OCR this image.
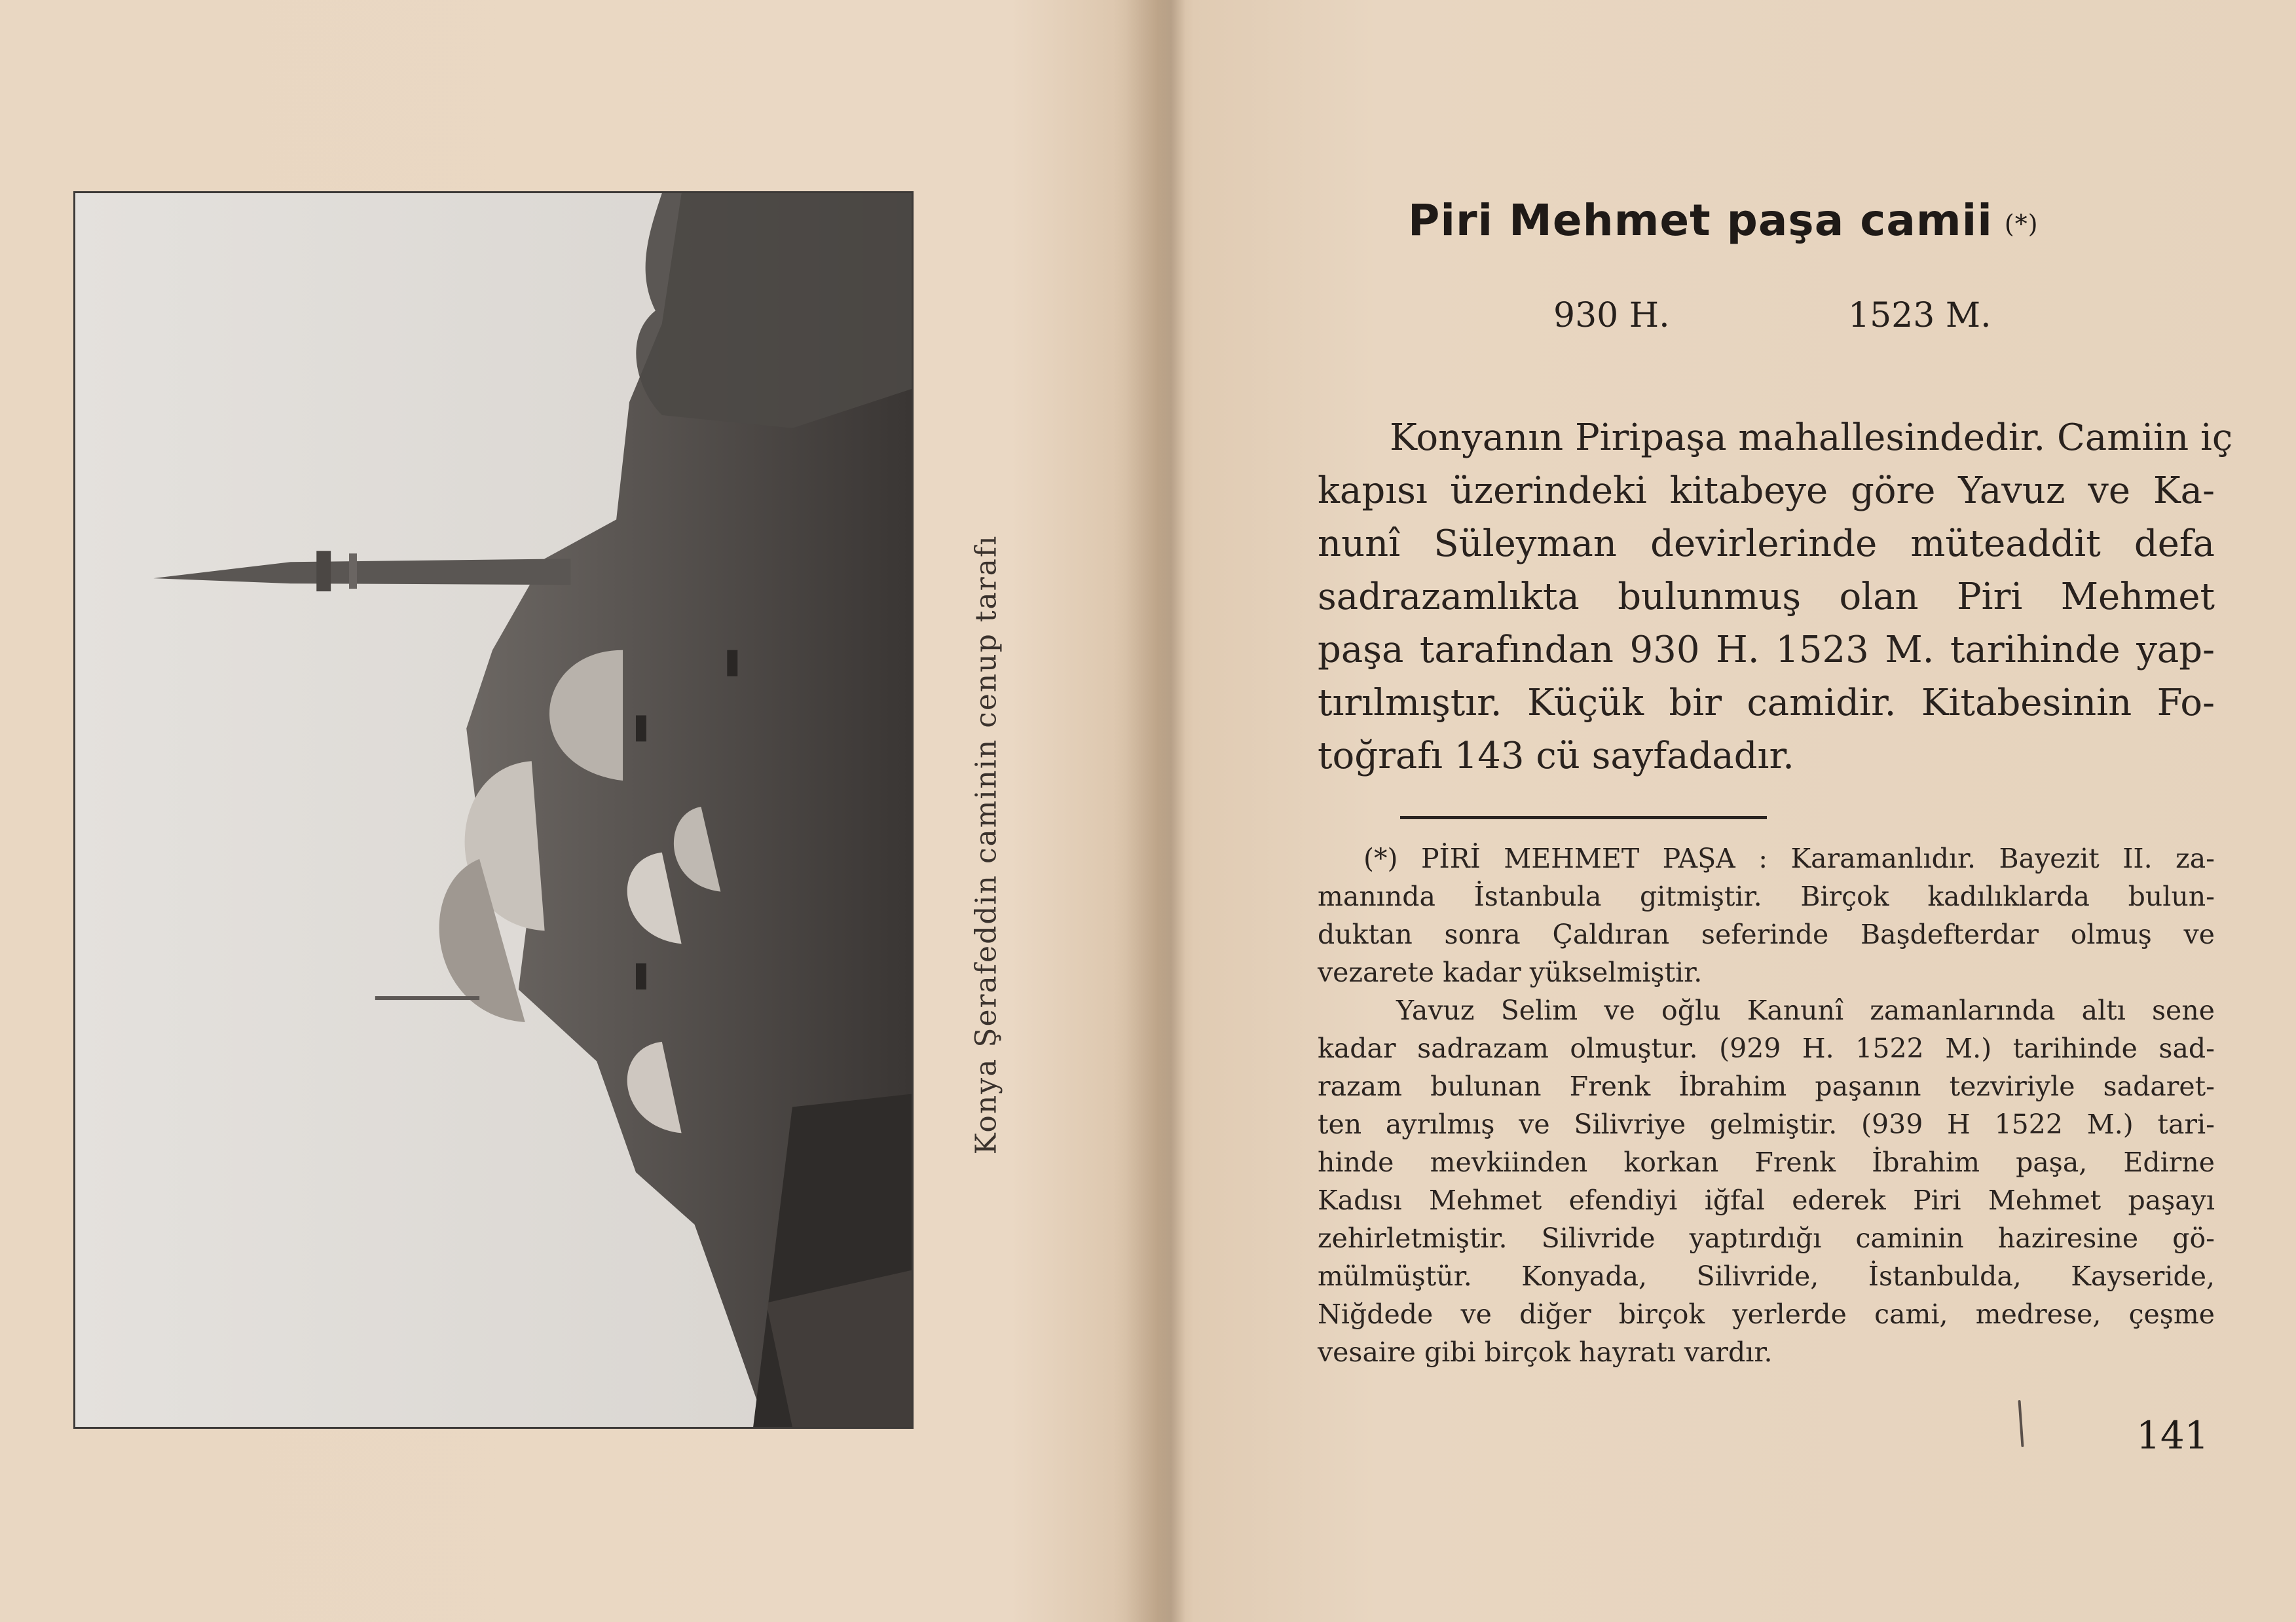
Konya Şerafeddin caminin cenup tarafı
Piri Mehmet paşa camii (*)
930 H.	1523 M.
Konyanın Piripaşa mahallesindedir. Camiin iç
kapısı üzerindeki kitabeye göre Yavuz ve Ka-
nunî Süleyman devirlerinde müteaddit defa
sadrazamlıkta bulunmuş olan Piri Mehmet
paşa tarafından 930 H. 1523 M. tarihinde yap-
tırılmıştır. Küçük bir camidir. Kitabesinin Fo-
toğrafı 143 cü sayfadadır.
(*) PİRİ MEHMET PAŞA : Karamanlıdır. Bayezit II. za-
manında İstanbula gitmiştir. Birçok kadılıklarda bulun-
duktan sonra Çaldıran seferinde Başdefterdar olmuş ve
vezarete kadar yükselmiştir.
Yavuz Selim ve oğlu Kanunî zamanlarında altı sene
kadar sadrazam olmuştur. (929 H. 1522 M.) tarihinde sad-
razam bulunan Frenk İbrahim paşanın tezviriyle sadaret-
ten ayrılmış ve Silivriye gelmiştir. (939 H 1522 M.) tari-
hinde mevkiinden korkan Frenk İbrahim paşa, Edirne
Kadısı Mehmet efendiyi iğfal ederek Piri Mehmet paşayı
zehirletmiştir. Silivride yaptırdığı caminin haziresine gö-
mülmüştür. Konyada, Silivride, İstanbulda, Kayseride,
Niğdede ve diğer birçok yerlerde cami, medrese, çeşme
vesaire gibi birçok hayratı vardır.
141
